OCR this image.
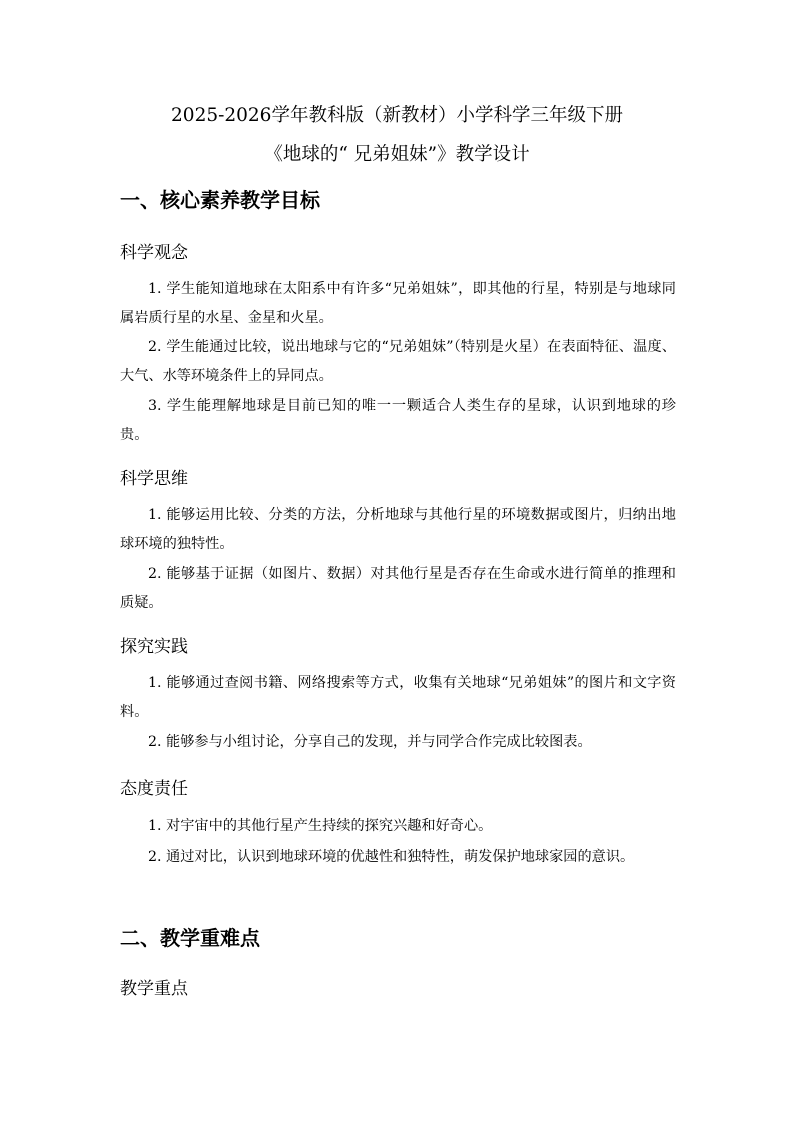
2025-2026学年教科版（新教材）小学科学三年级下册
《地球的“ 兄弟姐妹”》教学设计
一、核心素养教学目标
科学观念

1. 学生能知道地球在太阳系中有许多“兄弟姐妹”，即其他的行星，特别是与地球同属岩质行星的水星、金星和火星。

2. 学生能通过比较，说出地球与它的“兄弟姐妹”（特别是火星）在表面特征、温度、大气、水等环境条件上的异同点。

3. 学生能理解地球是目前已知的唯一一颗适合人类生存的星球，认识到地球的珍贵。

科学思维

1. 能够运用比较、分类的方法，分析地球与其他行星的环境数据或图片，归纳出地球环境的独特性。

2. 能够基于证据（如图片、数据）对其他行星是否存在生命或水进行简单的推理和质疑。

探究实践

1. 能够通过查阅书籍、网络搜索等方式，收集有关地球“兄弟姐妹”的图片和文字资料。

2. 能够参与小组讨论，分享自己的发现，并与同学合作完成比较图表。

态度责任

1. 对宇宙中的其他行星产生持续的探究兴趣和好奇心。

2. 通过对比，认识到地球环境的优越性和独特性，萌发保护地球家园的意识。

二、教学重难点
教学重点
